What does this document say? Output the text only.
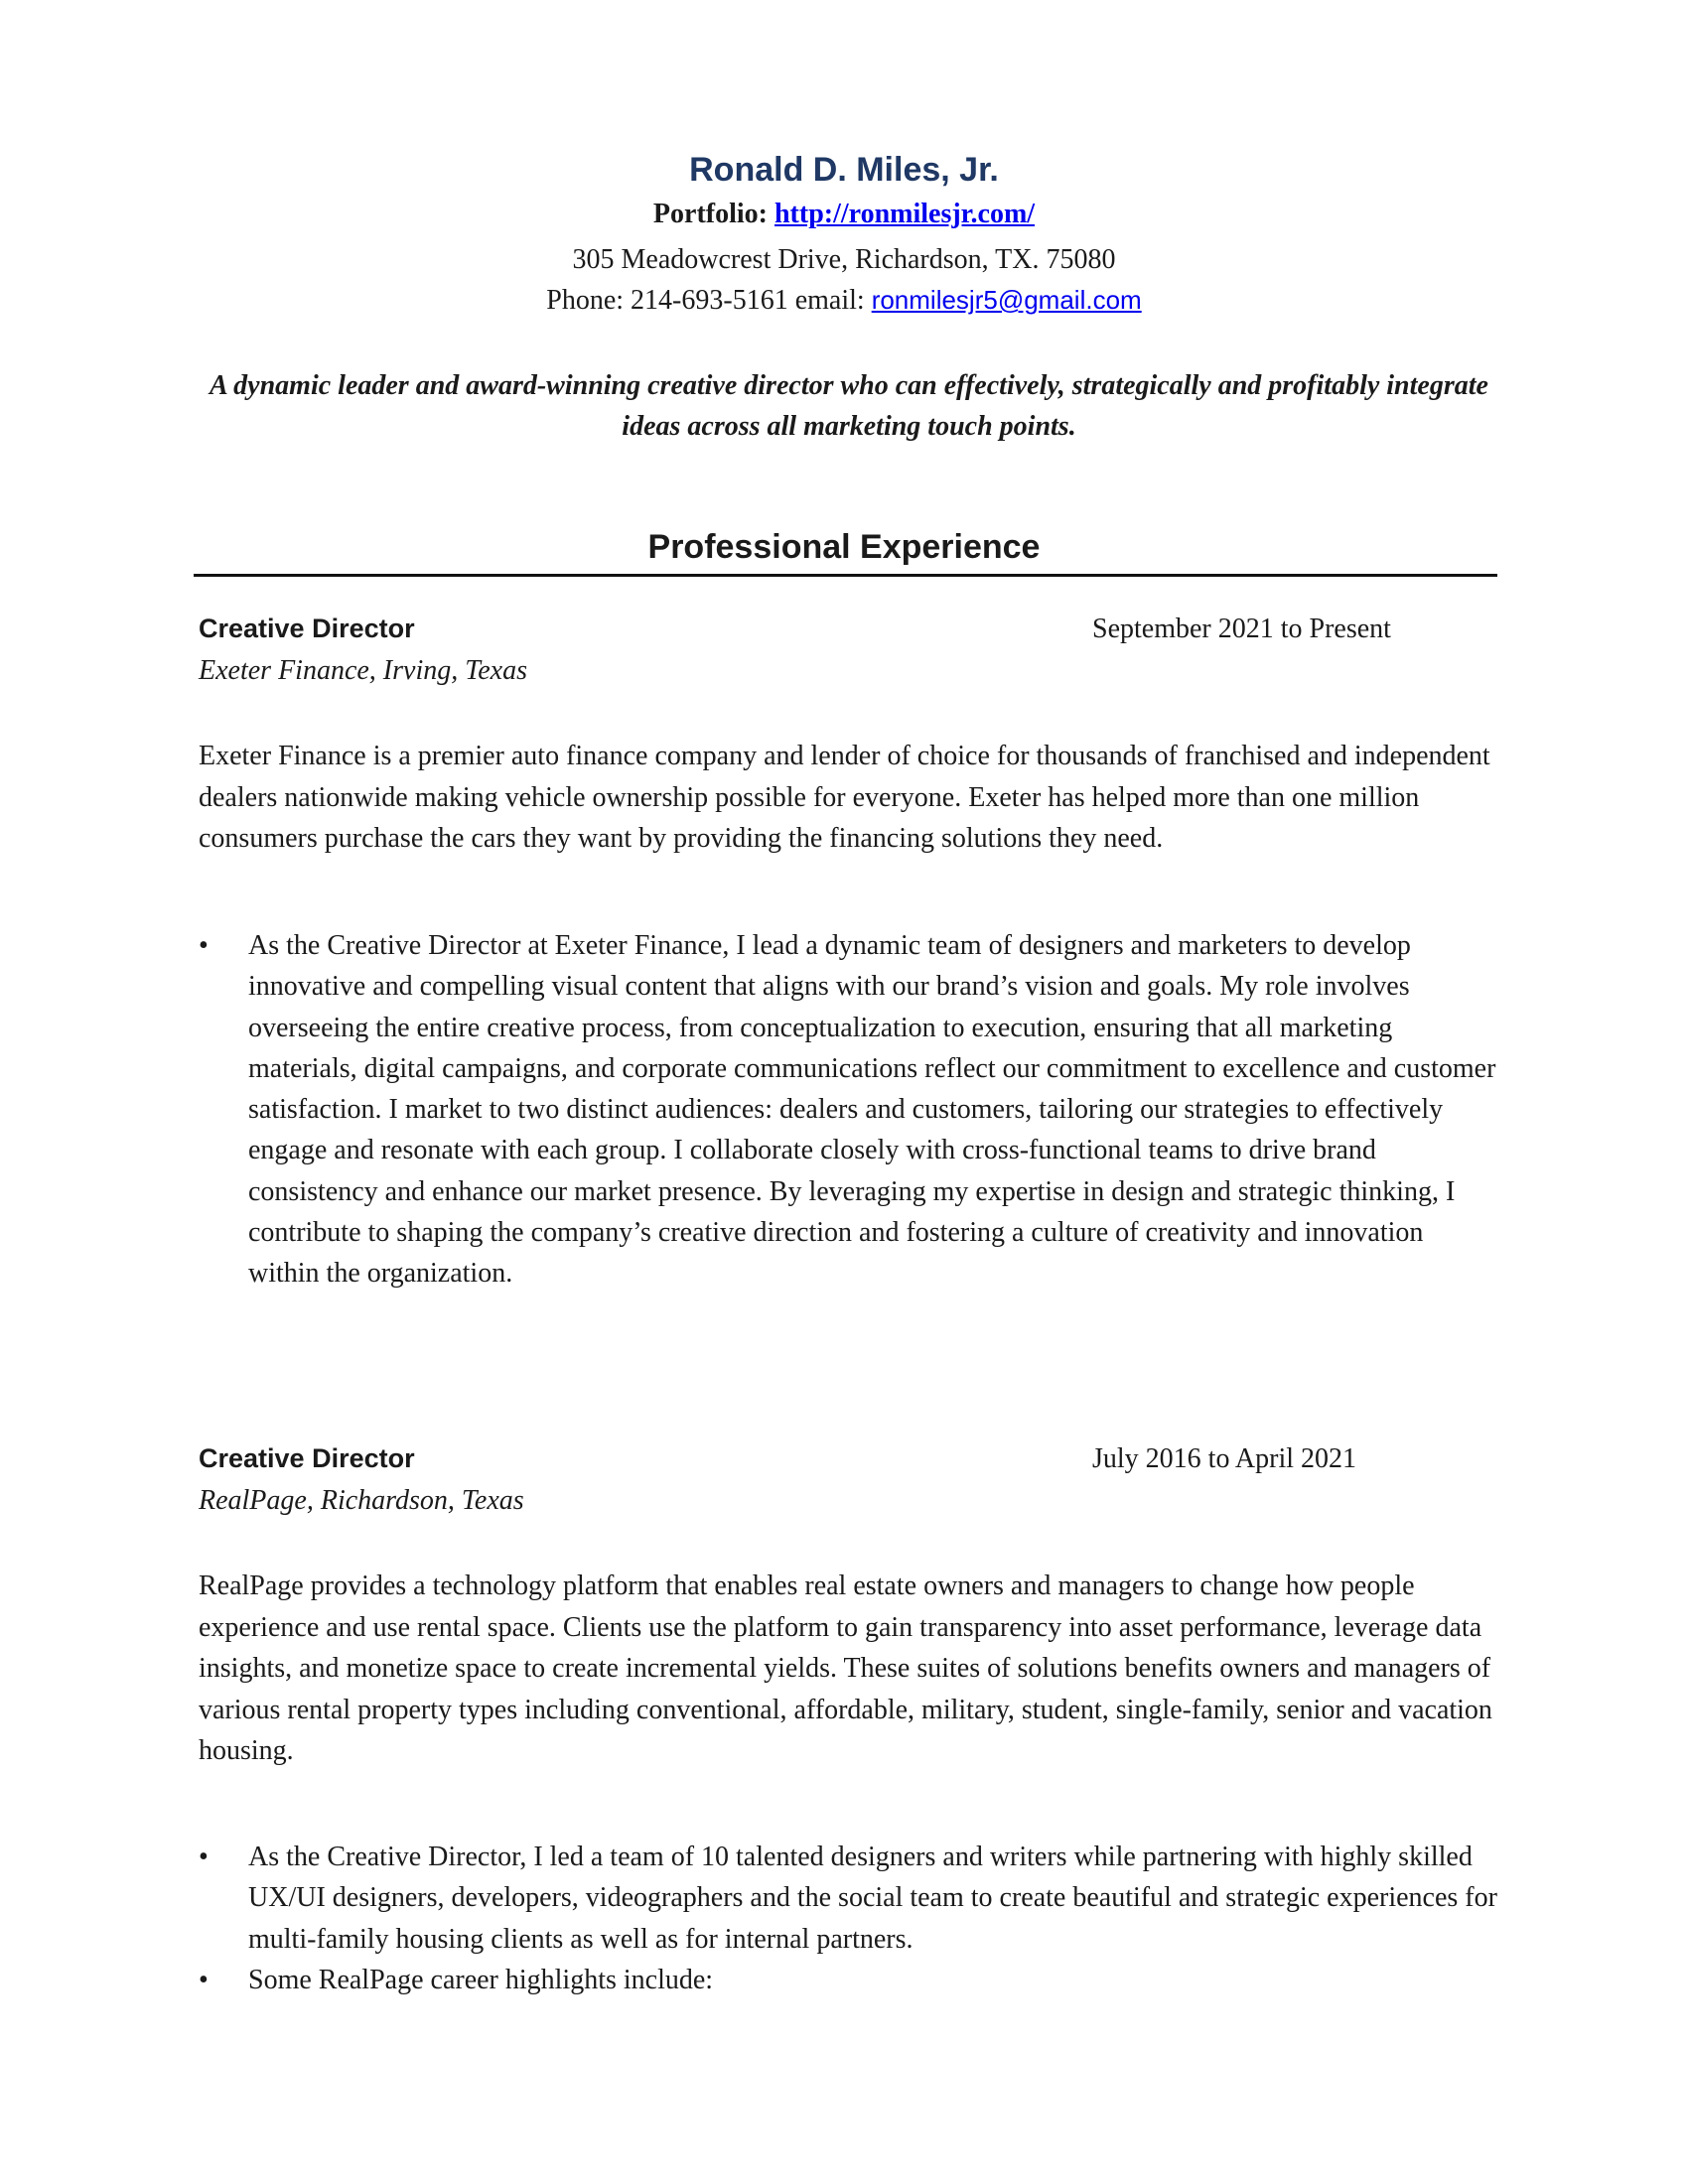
Ronald D. Miles, Jr.
Portfolio: http://ronmilesjr.com/
305 Meadowcrest Drive, Richardson, TX. 75080
Phone: 214-693-5161 email: ronmilesjr5@gmail.com
A dynamic leader and award-winning creative director who can effectively, strategically and profitably integrate ideas across all marketing touch points.
Professional Experience
Creative Director	September 2021 to Present
Exeter Finance, Irving, Texas
Exeter Finance is a premier auto finance company and lender of choice for thousands of franchised and independent dealers nationwide making vehicle ownership possible for everyone. Exeter has helped more than one million consumers purchase the cars they want by providing the financing solutions they need.
•	As the Creative Director at Exeter Finance, I lead a dynamic team of designers and marketers to develop innovative and compelling visual content that aligns with our brand’s vision and goals. My role involves overseeing the entire creative process, from conceptualization to execution, ensuring that all marketing materials, digital campaigns, and corporate communications reflect our commitment to excellence and customer satisfaction. I market to two distinct audiences: dealers and customers, tailoring our strategies to effectively engage and resonate with each group. I collaborate closely with cross-functional teams to drive brand consistency and enhance our market presence. By leveraging my expertise in design and strategic thinking, I contribute to shaping the company’s creative direction and fostering a culture of creativity and innovation within the organization.
Creative Director	July 2016 to April 2021
RealPage, Richardson, Texas
RealPage provides a technology platform that enables real estate owners and managers to change how people experience and use rental space. Clients use the platform to gain transparency into asset performance, leverage data insights, and monetize space to create incremental yields. These suites of solutions benefits owners and managers of various rental property types including conventional, affordable, military, student, single-family, senior and vacation housing.
•	As the Creative Director, I led a team of 10 talented designers and writers while partnering with highly skilled UX/UI designers, developers, videographers and the social team to create beautiful and strategic experiences for multi-family housing clients as well as for internal partners.
•	Some RealPage career highlights include:
